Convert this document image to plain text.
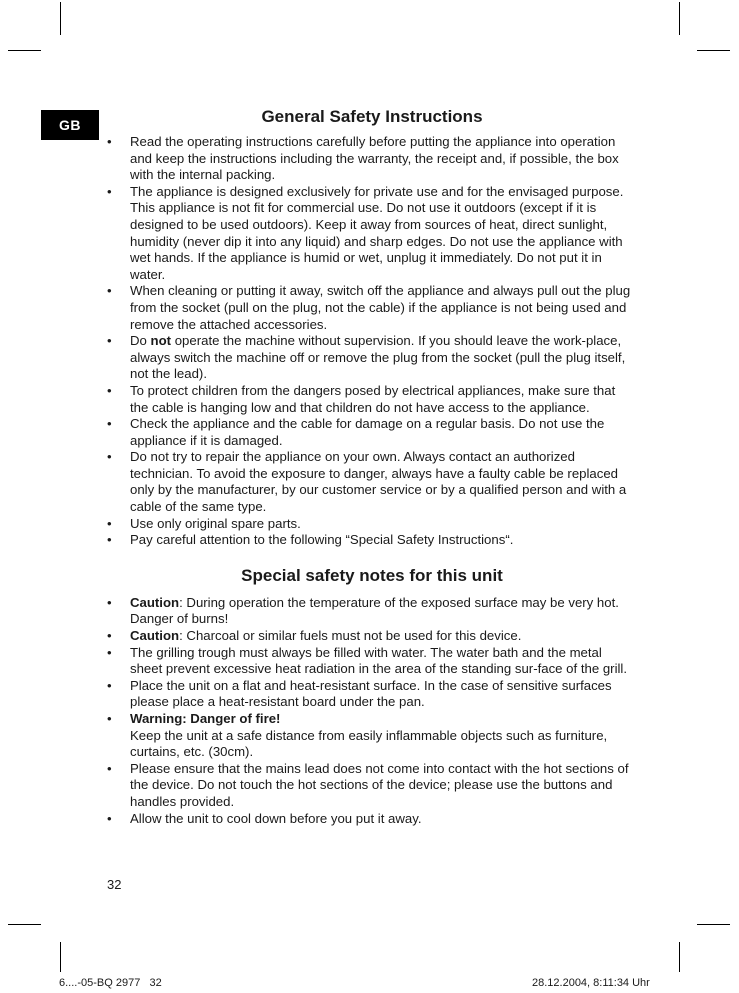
GB	General Safety Instructions
• Read the operating instructions carefully before putting the appliance into operation and keep the instructions including the warranty, the receipt and, if possible, the box with the internal packing.
• The appliance is designed exclusively for private use and for the envisaged purpose. This appliance is not fit for commercial use. Do not use it outdoors (except if it is designed to be used outdoors). Keep it away from sources of heat, direct sunlight, humidity (never dip it into any liquid) and sharp edges. Do not use the appliance with wet hands. If the appliance is humid or wet, unplug it immediately. Do not put it in water.
• When cleaning or putting it away, switch off the appliance and always pull out the plug from the socket (pull on the plug, not the cable) if the appliance is not being used and remove the attached accessories.
• Do not operate the machine without supervision. If you should leave the work-place, always switch the machine off or remove the plug from the socket (pull the plug itself, not the lead).
• To protect children from the dangers posed by electrical appliances, make sure that the cable is hanging low and that children do not have access to the appliance.
• Check the appliance and the cable for damage on a regular basis. Do not use the appliance if it is damaged.
• Do not try to repair the appliance on your own. Always contact an authorized technician. To avoid the exposure to danger, always have a faulty cable be replaced only by the manufacturer, by our customer service or by a qualified person and with a cable of the same type.
• Use only original spare parts.
• Pay careful attention to the following “Special Safety Instructions“.
Special safety notes for this unit
• Caution: During operation the temperature of the exposed surface may be very hot. Danger of burns!
• Caution: Charcoal or similar fuels must not be used for this device.
• The grilling trough must always be filled with water. The water bath and the metal sheet prevent excessive heat radiation in the area of the standing sur-face of the grill.
• Place the unit on a flat and heat-resistant surface. In the case of sensitive surfaces please place a heat-resistant board under the pan.
• Warning: Danger of fire!
Keep the unit at a safe distance from easily inflammable objects such as furniture, curtains, etc. (30cm).
• Please ensure that the mains lead does not come into contact with the hot sections of the device. Do not touch the hot sections of the device; please use the buttons and handles provided.
• Allow the unit to cool down before you put it away.
32
6....-05-BQ 2977   32	28.12.2004, 8:11:34 Uhr
